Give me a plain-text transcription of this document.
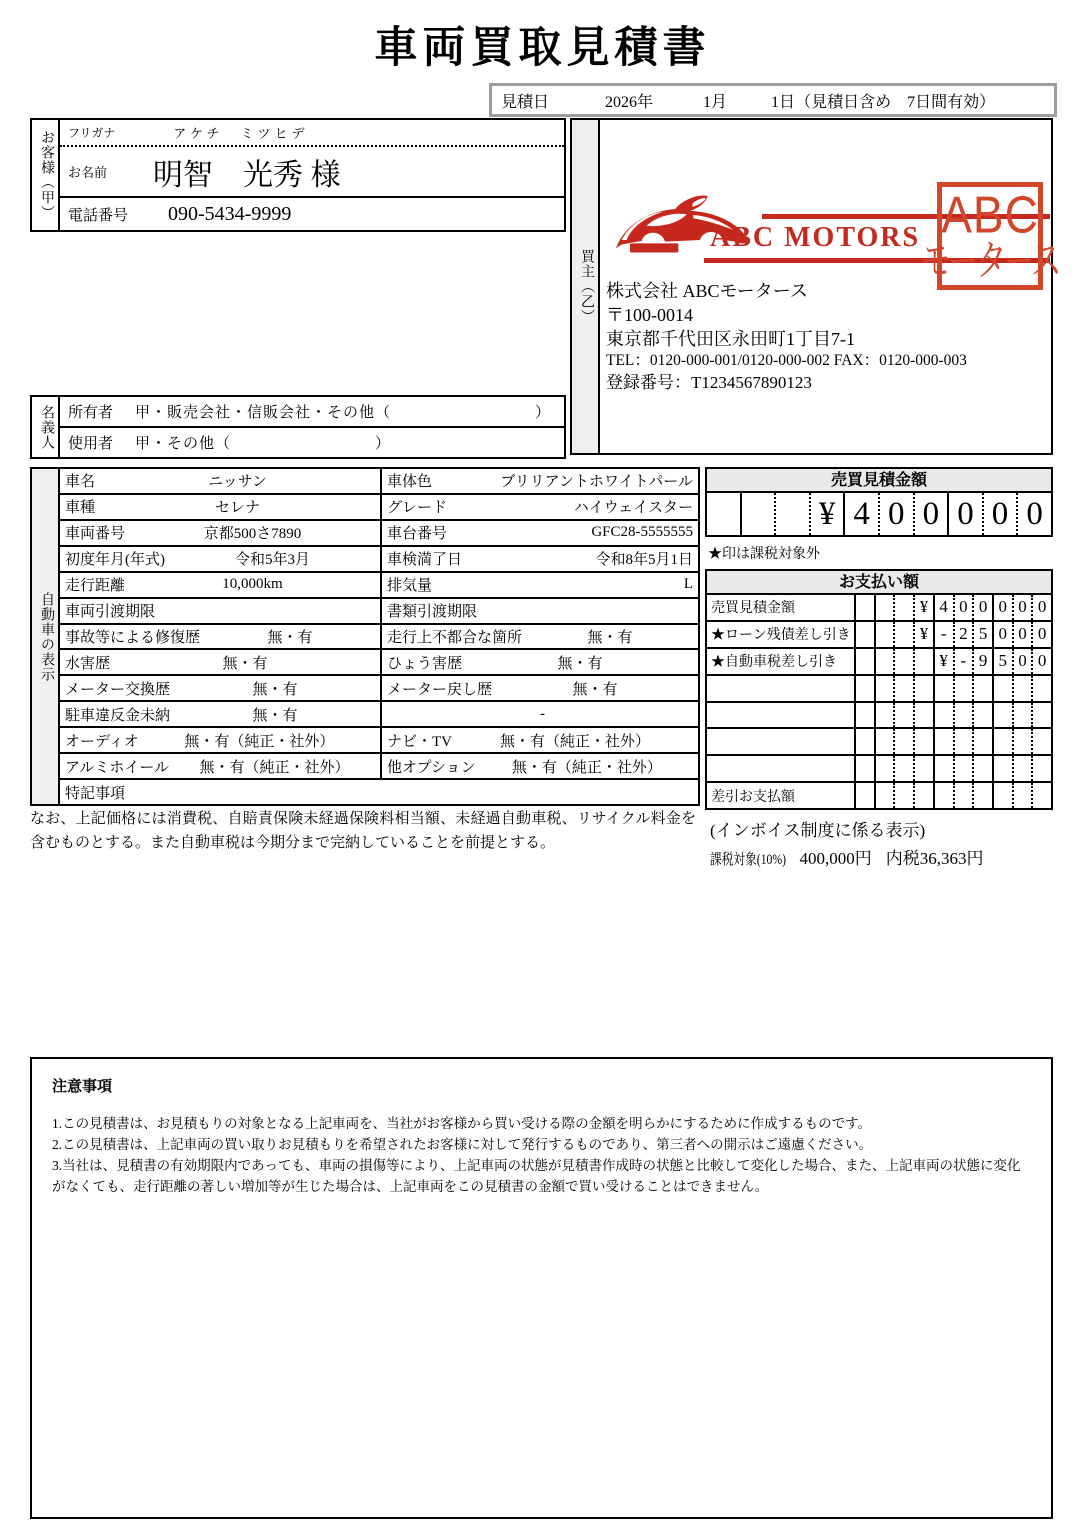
車両買取見積書
見積日	2026年	1月	1日 （見積日含め　7日間有効）
お客様（甲）	フリガナ	アケチ　ミツヒデ
お名前 明智　光秀 様
電話番号 090-5434-9999
買主（乙）
ABC MOTORS ABC
モータース
株式会社 ABCモータース
〒100-0014
東京都千代田区永田町1丁目7-1
TEL：0120-000-001/0120-000-002 FAX：0120-000-003
登録番号：T1234567890123
名義人 所有者 甲・販売会社・信販会社・その他（　　　　　　　　　）
使用者 甲・その他（　　　　　　　　　）
自動車の表示
車名	ニッサン	車体色	ブリリアントホワイトパール
車種	セレナ	グレード	ハイウェイスター
車両番号	京都500さ7890	車台番号	GFC28-5555555
初度年月(年式)	令和5年3月	車検満了日	令和8年5月1日
走行距離	10,000km	排気量	L
車両引渡期限	書類引渡期限
事故等による修復歴	無・有	走行上不都合な箇所	無・有
水害歴	無・有	ひょう害歴	無・有
メーター交換歴	無・有	メーター戻し歴	無・有
駐車違反金未納	無・有	-
オーディオ	無・有（純正・社外）	ナビ・TV	無・有（純正・社外）
アルミホイール	無・有（純正・社外）	他オプション	無・有（純正・社外）
特記事項
売買見積金額
¥ 4 0 0 0 0 0
★印は課税対象外
お支払い額
売買見積金額	¥ 4 0 0 0 0 0
★ローン残債差し引き	¥ - 2 5 0 0 0
★自動車税差し引き	¥ - 9 5 0 0
差引お支払額
(インボイス制度に係る表示)
課税対象(10%) 400,000円 内税36,363円
なお、上記価格には消費税、自賠責保険未経過保険料相当額、未経過自動車税、リサイクル料金を含むものとする。また自動車税は今期分まで完納していることを前提とする。
注意事項
1.この見積書は、お見積もりの対象となる上記車両を、当社がお客様から買い受ける際の金額を明らかにするために作成するものです。
2.この見積書は、上記車両の買い取りお見積もりを希望されたお客様に対して発行するものであり、第三者への開示はご遠慮ください。
3.当社は、見積書の有効期限内であっても、車両の損傷等により、上記車両の状態が見積書作成時の状態と比較して変化した場合、また、上記車両の状態に変化がなくても、走行距離の著しい増加等が生じた場合は、上記車両をこの見積書の金額で買い受けることはできません。
